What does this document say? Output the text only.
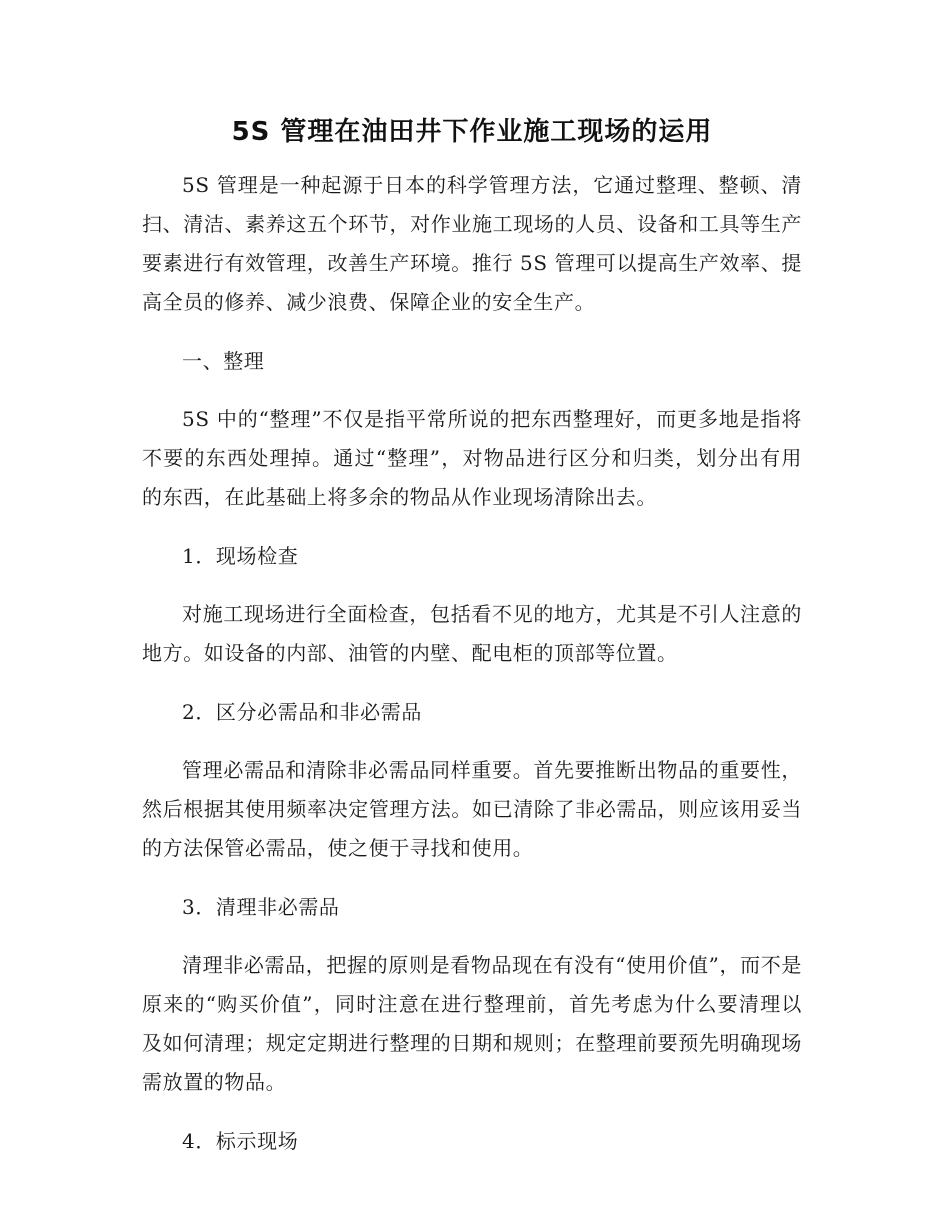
5S 管理在油田井下作业施工现场的运用

5S 管理是一种起源于日本的科学管理方法，它通过整理、整顿、清扫、清洁、素养这五个环节，对作业施工现场的人员、设备和工具等生产要素进行有效管理，改善生产环境。推行 5S 管理可以提高生产效率、提高全员的修养、减少浪费、保障企业的安全生产。

一、整理

5S 中的“整理”不仅是指平常所说的把东西整理好，而更多地是指将不要的东西处理掉。通过“整理”，对物品进行区分和归类，划分出有用的东西，在此基础上将多余的物品从作业现场清除出去。

1．现场检查

对施工现场进行全面检查，包括看不见的地方，尤其是不引人注意的地方。如设备的内部、油管的内壁、配电柜的顶部等位置。

2．区分必需品和非必需品

管理必需品和清除非必需品同样重要。首先要推断出物品的重要性，然后根据其使用频率决定管理方法。如已清除了非必需品，则应该用妥当的方法保管必需品，使之便于寻找和使用。

3．清理非必需品

清理非必需品，把握的原则是看物品现在有没有“使用价值”，而不是原来的“购买价值”，同时注意在进行整理前，首先考虑为什么要清理以及如何清理；规定定期进行整理的日期和规则；在整理前要预先明确现场需放置的物品。

4．标示现场
